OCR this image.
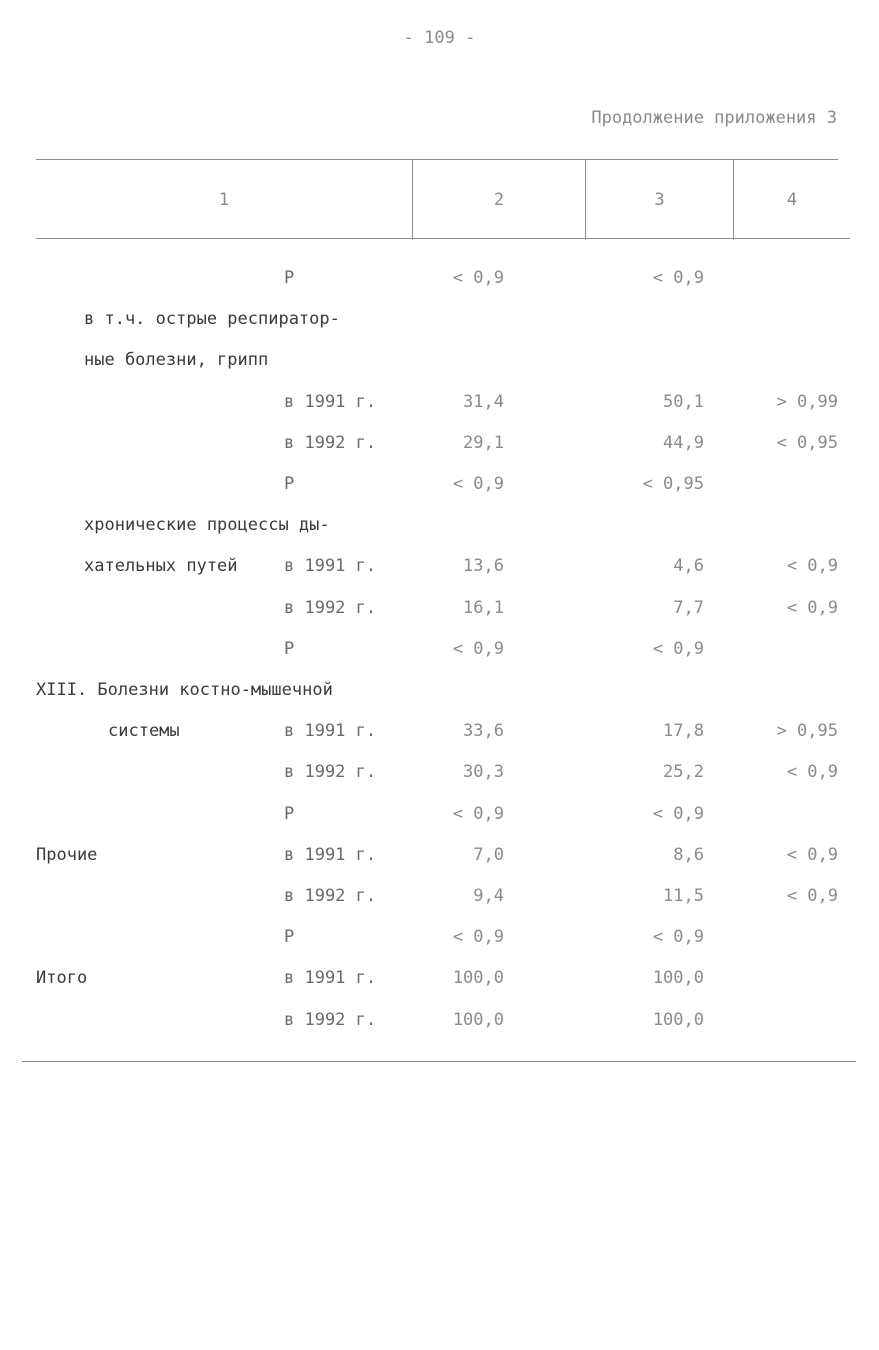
- 109 -
Продолжение приложения 3
1	2	3	4
P	< 0,9	< 0,9
в т.ч. острые респиратор-
ные болезни, грипп
в 1991 г.	31,4	50,1	> 0,99
в 1992 г.	29,1	44,9	< 0,95
P	< 0,9	< 0,95
хронические процессы ды-
хательных путей	в 1991 г.	13,6	4,6	< 0,9
в 1992 г.	16,1	7,7	< 0,9
P	< 0,9	< 0,9
XIII. Болезни костно-мышечной
системы	в 1991 г.	33,6	17,8	> 0,95
в 1992 г.	30,3	25,2	< 0,9
P	< 0,9	< 0,9
Прочие	в 1991 г.	7,0	8,6	< 0,9
в 1992 г.	9,4	11,5	< 0,9
P	< 0,9	< 0,9
Итого	в 1991 г.	100,0	100,0
в 1992 г.	100,0	100,0
